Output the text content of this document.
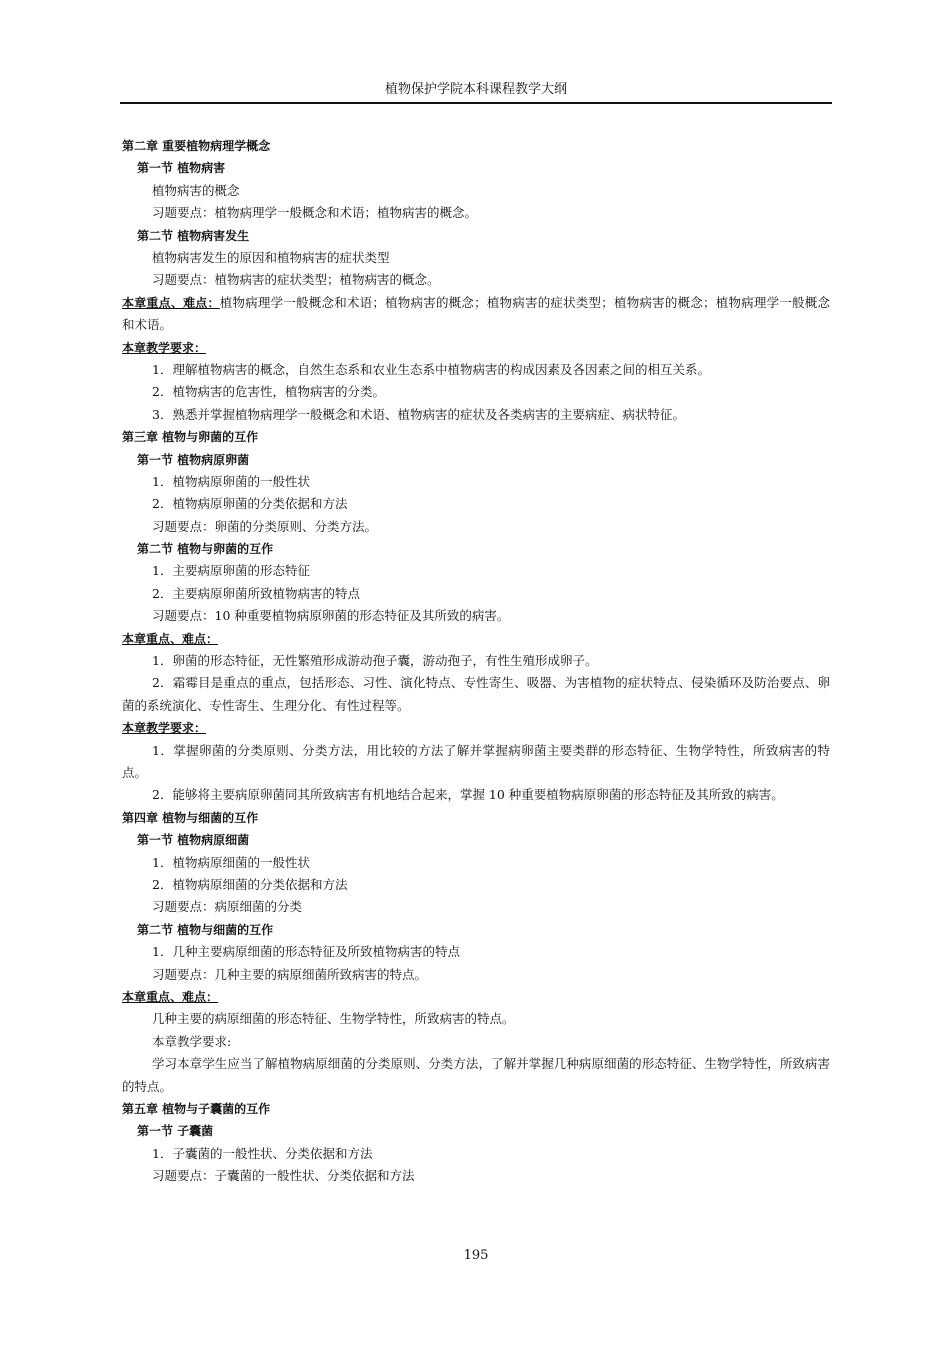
植物保护学院本科课程教学大纲
第二章 重要植物病理学概念
第一节 植物病害
植物病害的概念
习题要点：植物病理学一般概念和术语；植物病害的概念。
第二节 植物病害发生
植物病害发生的原因和植物病害的症状类型
习题要点：植物病害的症状类型；植物病害的概念。
本章重点、难点：植物病理学一般概念和术语；植物病害的概念；植物病害的症状类型；植物病害的概念；植物病理学一般概念和术语。
本章教学要求：
1．理解植物病害的概念，自然生态系和农业生态系中植物病害的构成因素及各因素之间的相互关系。
2．植物病害的危害性，植物病害的分类。
3．熟悉并掌握植物病理学一般概念和术语、植物病害的症状及各类病害的主要病症、病状特征。
第三章 植物与卵菌的互作
第一节 植物病原卵菌
1．植物病原卵菌的一般性状
2．植物病原卵菌的分类依据和方法
习题要点：卵菌的分类原则、分类方法。
第二节 植物与卵菌的互作
1．主要病原卵菌的形态特征
2．主要病原卵菌所致植物病害的特点
习题要点：10 种重要植物病原卵菌的形态特征及其所致的病害。
本章重点、难点：
1．卵菌的形态特征，无性繁殖形成游动孢子囊，游动孢子，有性生殖形成卵子。
2．霜霉目是重点的重点，包括形态、习性、演化特点、专性寄生、吸器、为害植物的症状特点、侵染循环及防治要点、卵菌的系统演化、专性寄生、生理分化、有性过程等。
本章教学要求：
1．掌握卵菌的分类原则、分类方法，用比较的方法了解并掌握病卵菌主要类群的形态特征、生物学特性，所致病害的特点。
2．能够将主要病原卵菌同其所致病害有机地结合起来，掌握 10 种重要植物病原卵菌的形态特征及其所致的病害。
第四章 植物与细菌的互作
第一节 植物病原细菌
1．植物病原细菌的一般性状
2．植物病原细菌的分类依据和方法
习题要点：病原细菌的分类
第二节 植物与细菌的互作
1．几种主要病原细菌的形态特征及所致植物病害的特点
习题要点：几种主要的病原细菌所致病害的特点。
本章重点、难点：
几种主要的病原细菌的形态特征、生物学特性，所致病害的特点。
本章教学要求:
学习本章学生应当了解植物病原细菌的分类原则、分类方法，了解并掌握几种病原细菌的形态特征、生物学特性，所致病害的特点。
第五章 植物与子囊菌的互作
第一节 子囊菌
1．子囊菌的一般性状、分类依据和方法
习题要点：子囊菌的一般性状、分类依据和方法
195
